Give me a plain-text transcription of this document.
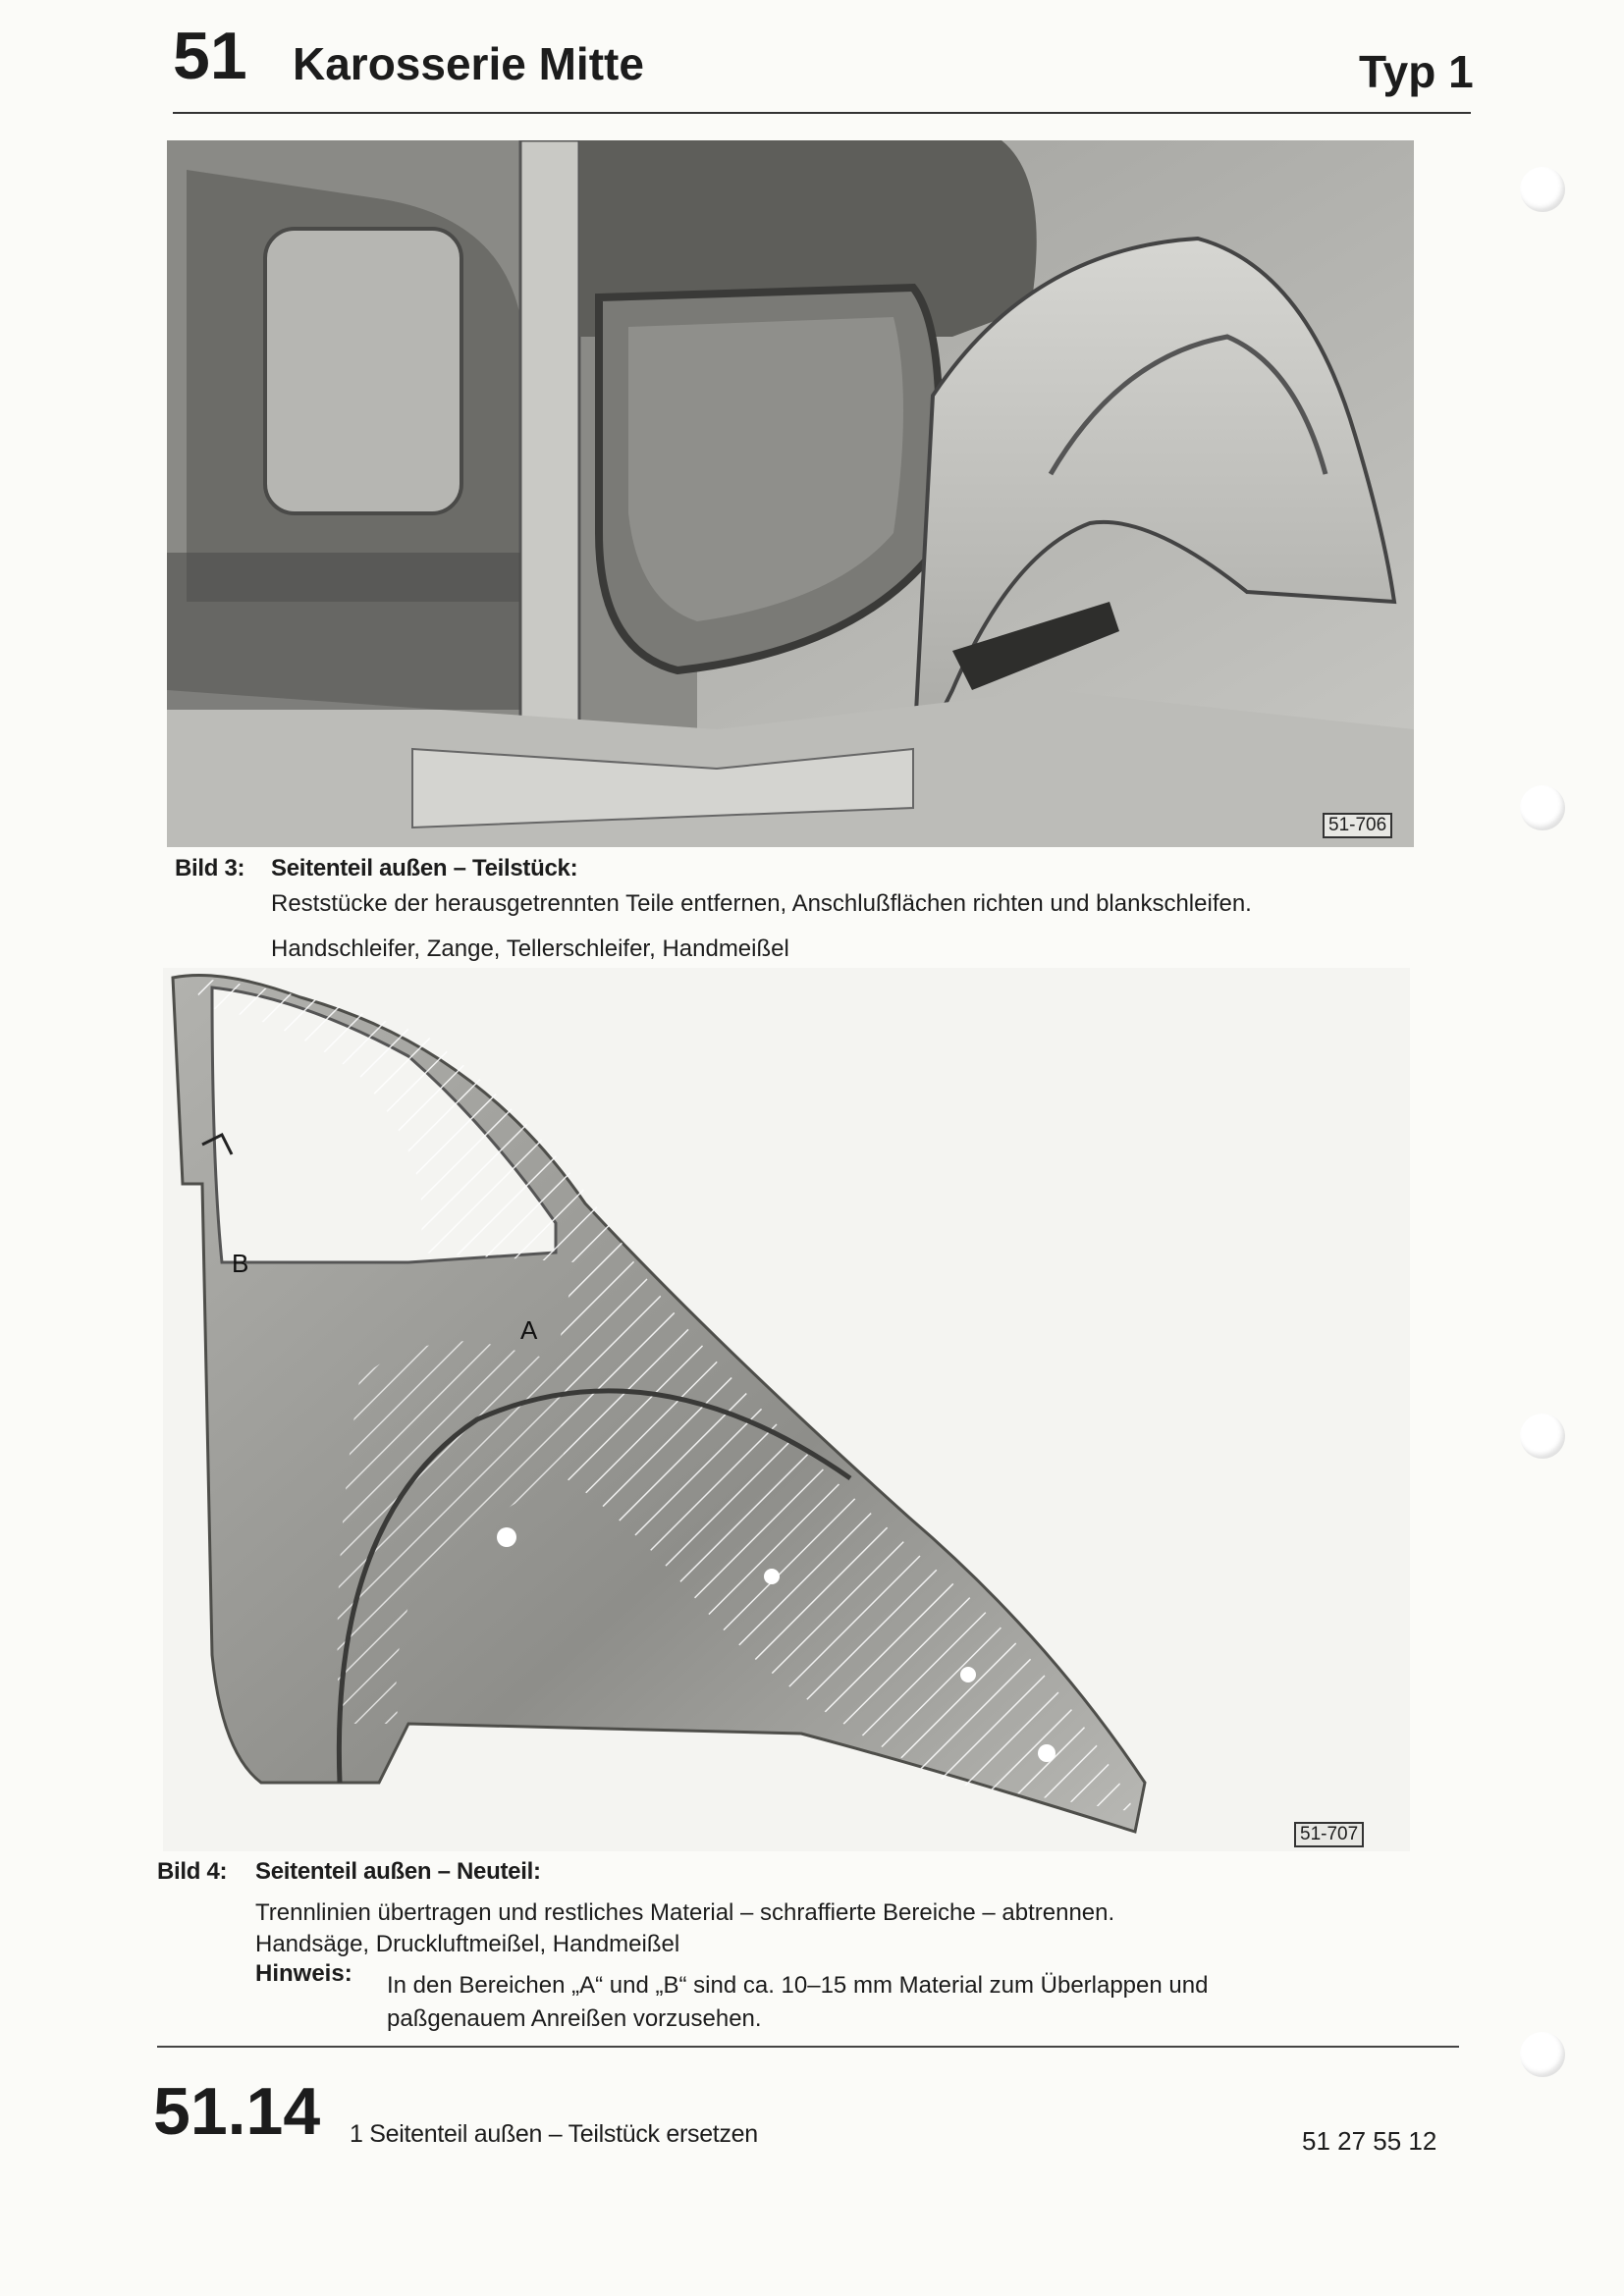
51 Karosserie Mitte	Typ 1
51-706
Bild 3: Seitenteil außen – Teilstück:
Reststücke der herausgetrennten Teile entfernen, Anschlußflächen richten und blankschleifen.
Handschleifer, Zange, Tellerschleifer, Handmeißel
B
A
51-707
Bild 4: Seitenteil außen – Neuteil:
Trennlinien übertragen und restliches Material – schraffierte Bereiche – abtrennen.
Handsäge, Druckluftmeißel, Handmeißel
Hinweis: In den Bereichen „A“ und „B“ sind ca. 10–15 mm Material zum Überlappen und
paßgenauem Anreißen vorzusehen.
51.14 1 Seitenteil außen – Teilstück ersetzen	51 27 55 12
